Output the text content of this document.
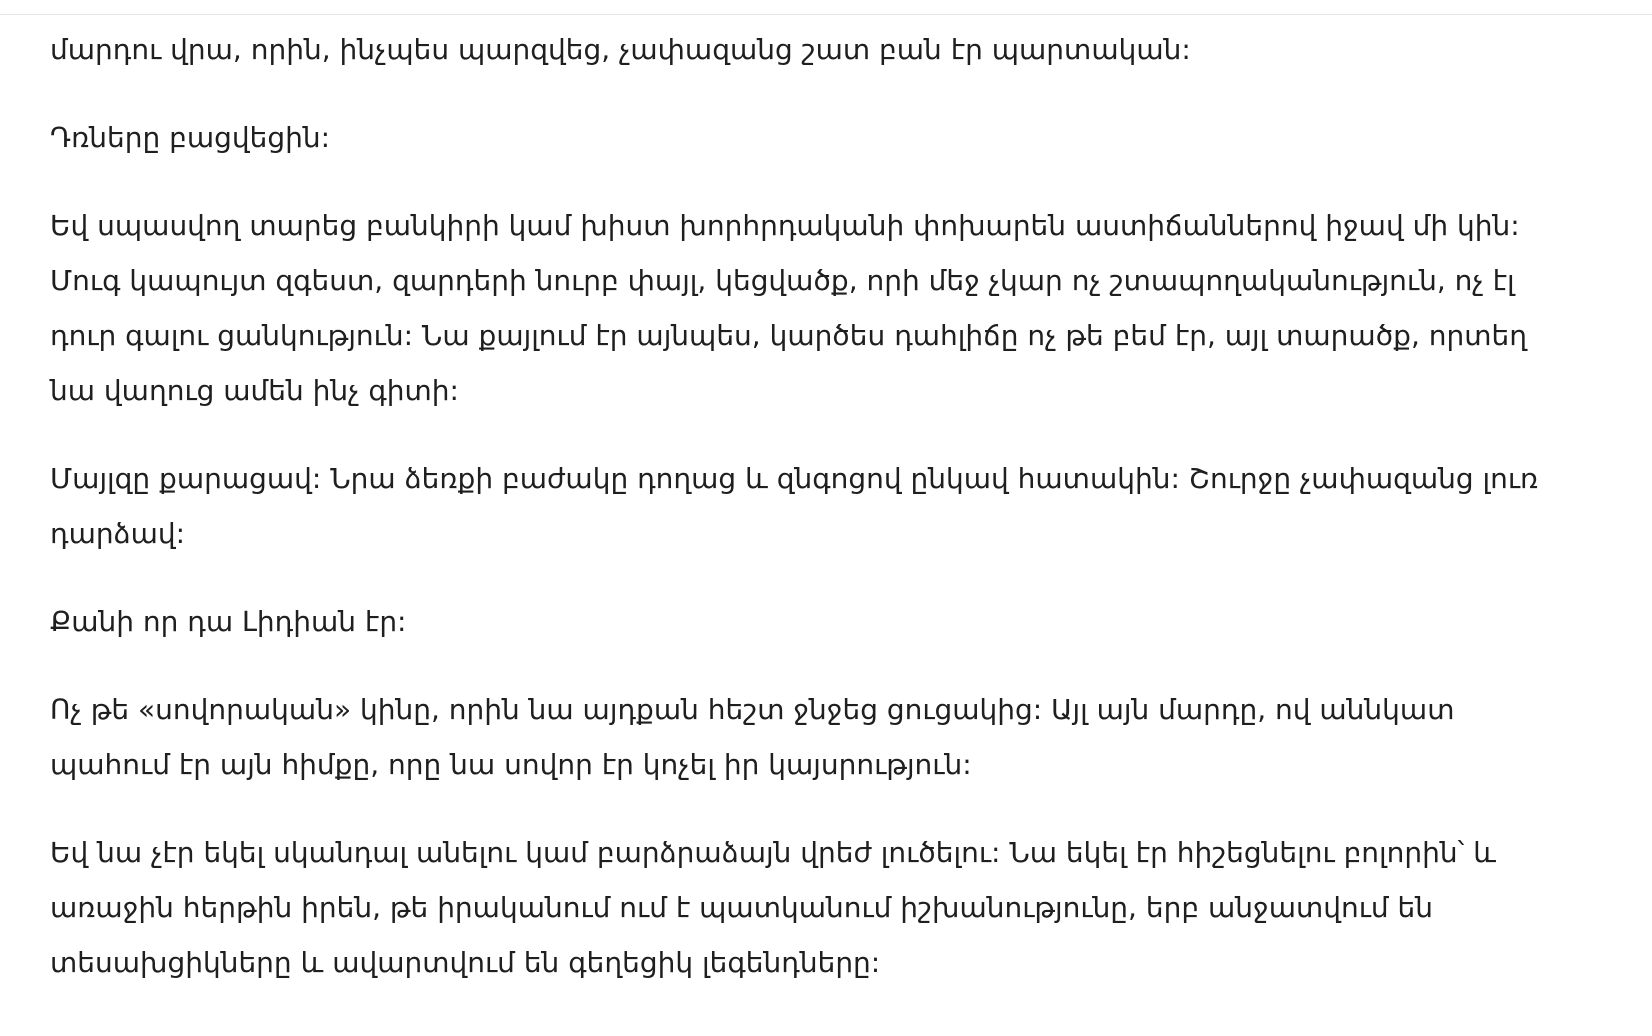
մարդու վրա, որին, ինչպես պարզվեց, չափազանց շատ բան էր պարտական:

Դռները բացվեցին:

Եվ սպասվող տարեց բանկիրի կամ խիստ խորհրդականի փոխարեն աստիճաններով իջավ մի կին:
Մուգ կապույտ զգեստ, զարդերի նուրբ փայլ, կեցվածք, որի մեջ չկար ոչ շտապողականություն, ոչ էլ
դուր գալու ցանկություն: Նա քայլում էր այնպես, կարծես դահլիճը ոչ թե բեմ էր, այլ տարածք, որտեղ
նա վաղուց ամեն ինչ գիտի:

Մայլզը քարացավ: Նրա ձեռքի բաժակը դողաց և զնգոցով ընկավ հատակին: Շուրջը չափազանց լուռ
դարձավ:

Քանի որ դա Լիդիան էր:

Ոչ թե «սովորական» կինը, որին նա այդքան հեշտ ջնջեց ցուցակից: Այլ այն մարդը, ով աննկատ
պահում էր այն հիմքը, որը նա սովոր էր կոչել իր կայսրություն:

Եվ նա չէր եկել սկանդալ անելու կամ բարձրաձայն վրեժ լուծելու: Նա եկել էր հիշեցնելու բոլորին՝ և
առաջին հերթին իրեն, թե իրականում ում է պատկանում իշխանությունը, երբ անջատվում են
տեսախցիկները և ավարտվում են գեղեցիկ լեգենդները:
